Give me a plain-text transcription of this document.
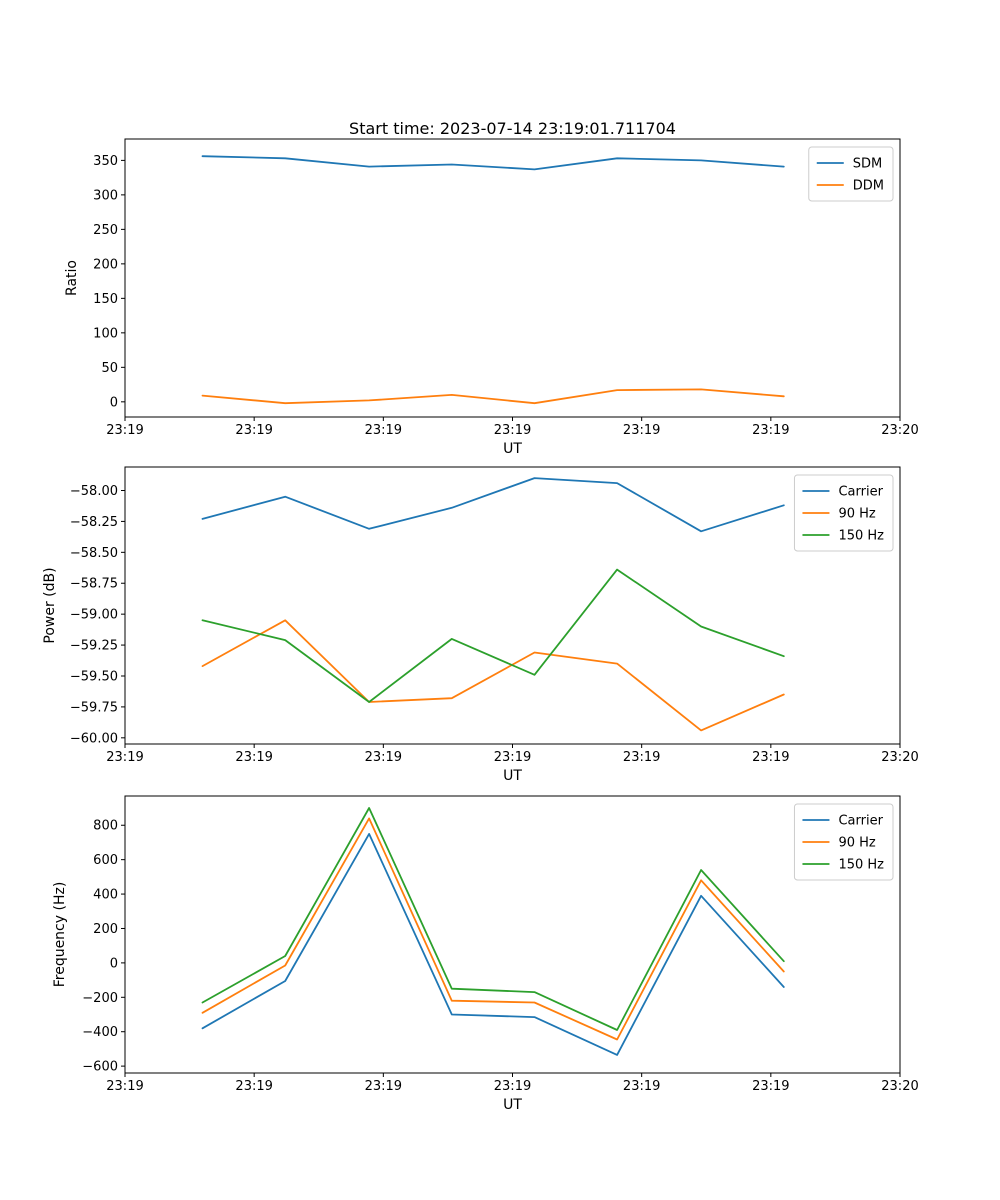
Start time: 2023-07-14 23:19:01.711704
23:19	23:19	23:19	23:19	23:19	23:19	23:20
0
50
100
150
200
250
300
350
UT
Ratio
SDM
DDM
23:19	23:19	23:19	23:19	23:19	23:19	23:20
−60.00
−59.75
−59.50
−59.25
−59.00
−58.75
−58.50
−58.25
−58.00
UT
Power (dB)
Carrier
90 Hz
150 Hz
23:19	23:19	23:19	23:19	23:19	23:19	23:20
−600
−400
−200
0
200
400
600
800
UT
Frequency (Hz)
Carrier
90 Hz
150 Hz
